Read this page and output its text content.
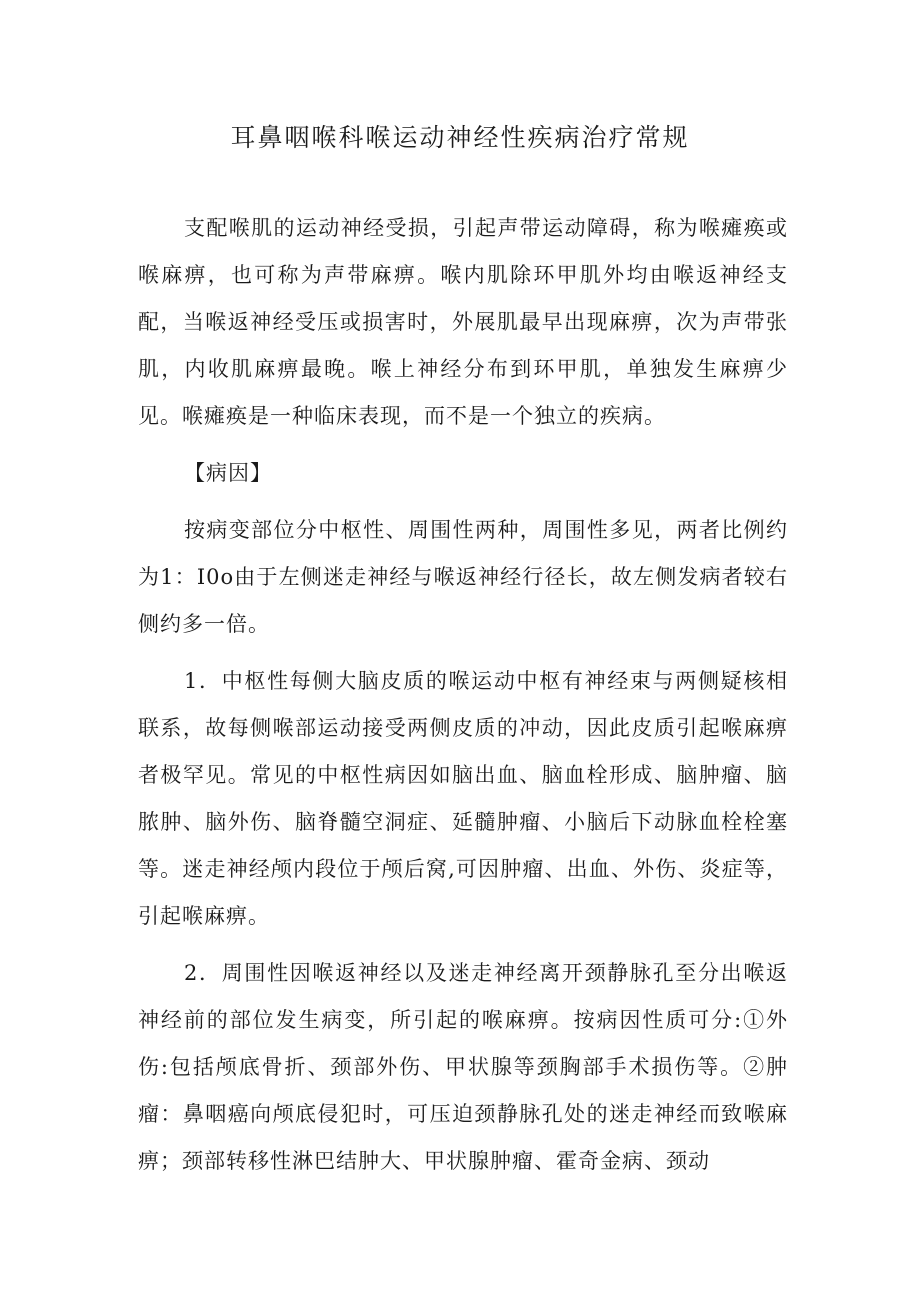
耳鼻咽喉科喉运动神经性疾病治疗常规

支配喉肌的运动神经受损，引起声带运动障碍，称为喉瘫痪或喉麻痹，也可称为声带麻痹。喉内肌除环甲肌外均由喉返神经支配，当喉返神经受压或损害时，外展肌最早出现麻痹，次为声带张肌，内收肌麻痹最晚。喉上神经分布到环甲肌，单独发生麻痹少见。喉瘫痪是一种临床表现，而不是一个独立的疾病。

【病因】

按病变部位分中枢性、周围性两种，周围性多见，两者比例约为1：I0o由于左侧迷走神经与喉返神经行径长，故左侧发病者较右侧约多一倍。

1．中枢性每侧大脑皮质的喉运动中枢有神经束与两侧疑核相联系，故每侧喉部运动接受两侧皮质的冲动，因此皮质引起喉麻痹者极罕见。常见的中枢性病因如脑出血、脑血栓形成、脑肿瘤、脑脓肿、脑外伤、脑脊髓空洞症、延髓肿瘤、小脑后下动脉血栓栓塞等。迷走神经颅内段位于颅后窝,可因肿瘤、出血、外伤、炎症等，引起喉麻痹。

2．周围性因喉返神经以及迷走神经离开颈静脉孔至分出喉返神经前的部位发生病变，所引起的喉麻痹。按病因性质可分:①外伤:包括颅底骨折、颈部外伤、甲状腺等颈胸部手术损伤等。②肿瘤：鼻咽癌向颅底侵犯时，可压迫颈静脉孔处的迷走神经而致喉麻痹；颈部转移性淋巴结肿大、甲状腺肿瘤、霍奇金病、颈动
